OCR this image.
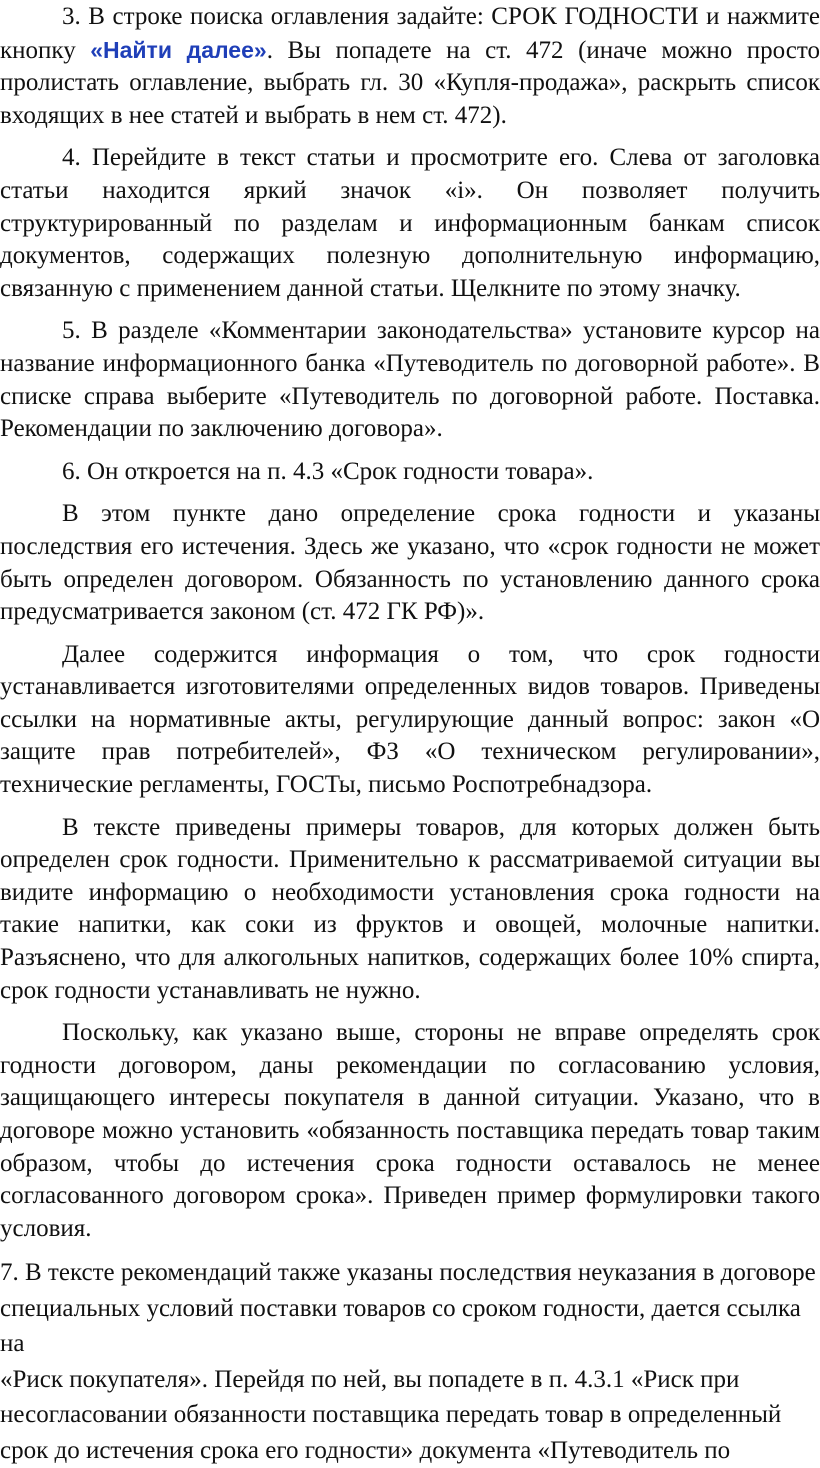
3. В строке поиска оглавления задайте: СРОК ГОДНОСТИ и нажмите кнопку «Найти далее». Вы попадете на ст. 472 (иначе можно просто пролистать оглавление, выбрать гл. 30 «Купля-продажа», раскрыть список входящих в нее статей и выбрать в нем ст. 472).

4. Перейдите в текст статьи и просмотрите его. Слева от заголовка статьи находится яркий значок «i». Он позволяет получить структурированный по разделам и информационным банкам список документов, содержащих полезную дополнительную информацию, связанную с применением данной статьи. Щелкните по этому значку.

5. В разделе «Комментарии законодательства» установите курсор на название информационного банка «Путеводитель по договорной работе». В списке справа выберите «Путеводитель по договорной работе. Поставка. Рекомендации по заключению договора».

6. Он откроется на п. 4.3 «Срок годности товара».

В этом пункте дано определение срока годности и указаны последствия его истечения. Здесь же указано, что «срок годности не может быть определен договором. Обязанность по установлению данного срока предусматривается законом (ст. 472 ГК РФ)».

Далее содержится информация о том, что срок годности устанавливается изготовителями определенных видов товаров. Приведены ссылки на нормативные акты, регулирующие данный вопрос: закон «О защите прав потребителей», ФЗ «О техническом регулировании», технические регламенты, ГОСТы, письмо Роспотребнадзора.

В тексте приведены примеры товаров, для которых должен быть определен срок годности. Применительно к рассматриваемой ситуации вы видите информацию о необходимости установления срока годности на такие напитки, как соки из фруктов и овощей, молочные напитки. Разъяснено, что для алкогольных напитков, содержащих более 10% спирта, срок годности устанавливать не нужно.

Поскольку, как указано выше, стороны не вправе определять срок годности договором, даны рекомендации по согласованию условия, защищающего интересы покупателя в данной ситуации. Указано, что в договоре можно установить «обязанность поставщика передать товар таким образом, чтобы до истечения срока годности оставалось не менее согласованного договором срока». Приведен пример формулировки такого условия.

7. В тексте рекомендаций также указаны последствия неуказания в договоре

специальных условий поставки товаров со сроком годности, дается ссылка на

«Риск покупателя». Перейдя по ней, вы попадете в п. 4.3.1 «Риск при

несогласовании обязанности поставщика передать товар в определенный

срок до истечения срока его годности» документа «Путеводитель по
